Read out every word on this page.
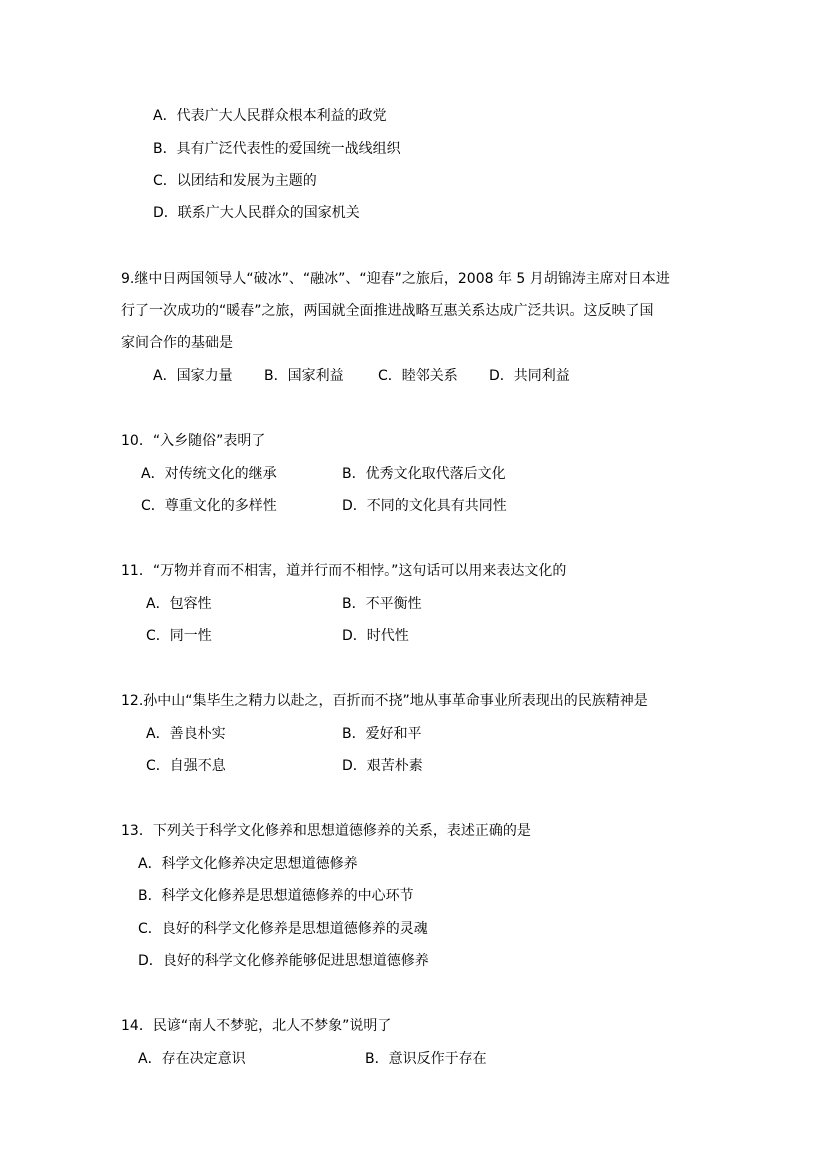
A．代表广大人民群众根本利益的政党
B．具有广泛代表性的爱国统一战线组织
C．以团结和发展为主题的
D．联系广大人民群众的国家机关
9.继中日两国领导人“破冰”、“融冰”、“迎春”之旅后，2008 年 5 月胡锦涛主席对日本进
行了一次成功的“暖春”之旅，两国就全面推进战略互惠关系达成广泛共识。这反映了国
家间合作的基础是
A．国家力量 B．国家利益 C．睦邻关系 D．共同利益
10．“入乡随俗”表明了
A．对传统文化的继承	B．优秀文化取代落后文化
C．尊重文化的多样性	D．不同的文化具有共同性
11．“万物并育而不相害，道并行而不相悖。”这句话可以用来表达文化的
A．包容性	B．不平衡性
C．同一性	D．时代性
12.孙中山“集毕生之精力以赴之，百折而不挠”地从事革命事业所表现出的民族精神是
A．善良朴实	B．爱好和平
C．自强不息	D．艰苦朴素
13．下列关于科学文化修养和思想道德修养的关系，表述正确的是
A．科学文化修养决定思想道德修养
B．科学文化修养是思想道德修养的中心环节
C．良好的科学文化修养是思想道德修养的灵魂
D．良好的科学文化修养能够促进思想道德修养
14．民谚“南人不梦驼，北人不梦象”说明了
A．存在决定意识	B．意识反作于存在
